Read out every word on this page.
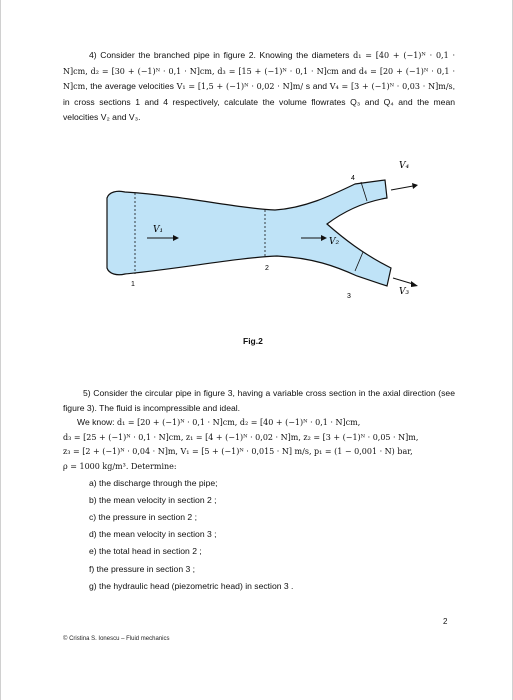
4) Consider the branched pipe in figure 2. Knowing the diameters d₁ = [40 + (−1)ᴺ · 0,1 · N]cm, d₂ = [30 + (−1)ᴺ · 0,1 · N]cm, d₃ = [15 + (−1)ᴺ · 0,1 · N]cm and d₄ = [20 + (−1)ᴺ · 0,1 · N]cm, the average velocities V₁ = [1,5 + (−1)ᴺ · 0,02 · N]m/ s and V₄ = [3 + (−1)ᴺ · 0,03 · N]m/s, in cross sections 1 and 4 respectively, calculate the volume flowrates Q₃ and Q₄ and the mean velocities V₂ and V₃.

V₁
V₂
V₄
V₃
1
2
4
3
Fig.2

5) Consider the circular pipe in figure 3, having a variable cross section in the axial direction (see figure 3). The fluid is incompressible and ideal.

We know: d₁ = [20 + (−1)ᴺ · 0,1 · N]cm, d₂ = [40 + (−1)ᴺ · 0,1 · N]cm,

d₃ = [25 + (−1)ᴺ · 0,1 · N]cm, z₁ = [4 + (−1)ᴺ · 0,02 · N]m, z₂ = [3 + (−1)ᴺ · 0,05 · N]m,

z₃ = [2 + (−1)ᴺ · 0,04 · N]m, V₁ = [5 + (−1)ᴺ · 0,015 · N] m/s, p₁ = (1 − 0,001 · N) bar,

ρ = 1000 kg/m³. Determine:

a) the discharge through the pipe;
b) the mean velocity in section 2 ;
c) the pressure in section 2 ;
d) the mean velocity in section 3 ;
e) the total head in section 2 ;
f) the pressure in section 3 ;
g) the hydraulic head (piezometric head) in section 3 .
2
© Cristina S. Ionescu – Fluid mechanics
